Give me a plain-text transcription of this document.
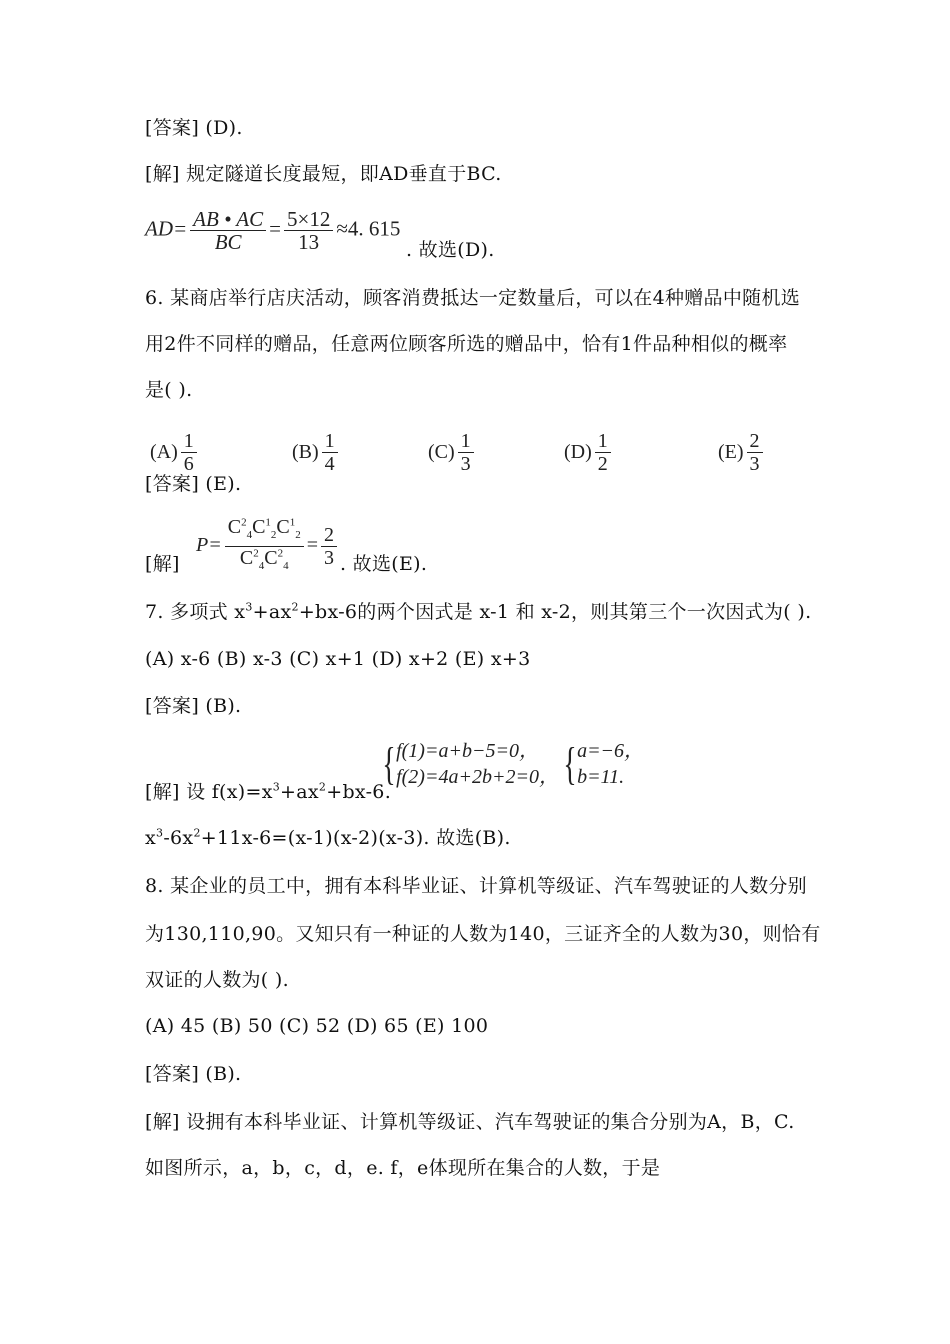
[答案] (D).
[解] 规定隧道长度最短，即AD垂直于BC.
$AD= \frac{AB • AC}{BC} = \frac{5\times 12}{13} \approx 4$. 615
. 故选(D).
6. 某商店举行店庆活动，顾客消费抵达一定数量后，可以在4种赠品中随机选
用2件不同样的赠品，任意两位顾客所选的赠品中，恰有1件品种相似的概率
是( ).
$(A) \frac{1}{6}$	$(B) \frac{1}{4}$	$(C) \frac{1}{3}$	$(D) \frac{1}{2}$	$(E) \frac{2}{3}$
[答案] (E).
[解]
$P= \frac{C^2_4C^1_2C^1_2}{C^2_4C^2_4} = \frac{2}{3}$ . 故选(E).
7. 多项式 $x^3+ax^2+bx-6$的两个因式是 x-1 和 x-2，则其第三个一次因式为( ).
(A) x-6 (B) x-3 (C) x+1 (D) x+2 (E) x+3
[答案] (B).
[解] 设 $f(x)=x^3+ax^2+bx-6$.
{ f(1)=a+b−5=0，
f(2)=4a+2b+2=0， { a=−6，
b=11.
$x^3-6x^2+11x-6=(x-1)(x-2)(x-3)$. 故选(B).
8. 某企业的员工中，拥有本科毕业证、计算机等级证、汽车驾驶证的人数分别
为130,110,90。又知只有一种证的人数为140，三证齐全的人数为30，则恰有
双证的人数为( ).
(A) 45 (B) 50 (C) 52 (D) 65 (E) 100
[答案] (B).
[解] 设拥有本科毕业证、计算机等级证、汽车驾驶证的集合分别为A，B，C.
如图所示，a，b，c，d，e. f，e体现所在集合的人数，于是
